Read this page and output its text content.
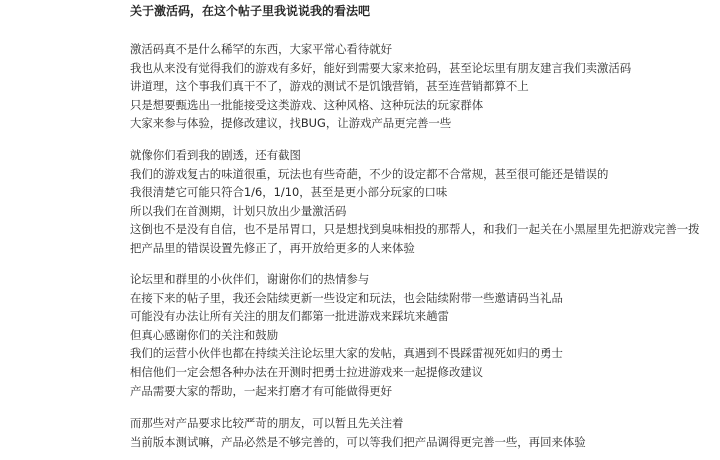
关于激活码，在这个帖子里我说说我的看法吧
激活码真不是什么稀罕的东西，大家平常心看待就好
我也从来没有觉得我们的游戏有多好，能好到需要大家来抢码，甚至论坛里有朋友建言我们卖激活码
讲道理，这个事我们真干不了，游戏的测试不是饥饿营销，甚至连营销都算不上
只是想要甄选出一批能接受这类游戏、这种风格、这种玩法的玩家群体
大家来参与体验，提修改建议，找BUG，让游戏产品更完善一些
就像你们看到我的剧透，还有截图
我们的游戏复古的味道很重，玩法也有些奇葩，不少的设定都不合常规，甚至很可能还是错误的
我很清楚它可能只符合1/6，1/10，甚至是更小部分玩家的口味
所以我们在首测期，计划只放出少量激活码
这倒也不是没有自信，也不是吊胃口，只是想找到臭味相投的那帮人，和我们一起关在小黑屋里先把游戏完善一拨
把产品里的错误设置先修正了，再开放给更多的人来体验
论坛里和群里的小伙伴们，谢谢你们的热情参与
在接下来的帖子里，我还会陆续更新一些设定和玩法，也会陆续附带一些邀请码当礼品
可能没有办法让所有关注的朋友们都第一批进游戏来踩坑来趟雷
但真心感谢你们的关注和鼓励
我们的运营小伙伴也都在持续关注论坛里大家的发帖，真遇到不畏踩雷视死如归的勇士
相信他们一定会想各种办法在开测时把勇士拉进游戏来一起提修改建议
产品需要大家的帮助，一起来打磨才有可能做得更好
而那些对产品要求比较严苛的朋友，可以暂且先关注着
当前版本测试嘛，产品必然是不够完善的，可以等我们把产品调得更完善一些，再回来体验
